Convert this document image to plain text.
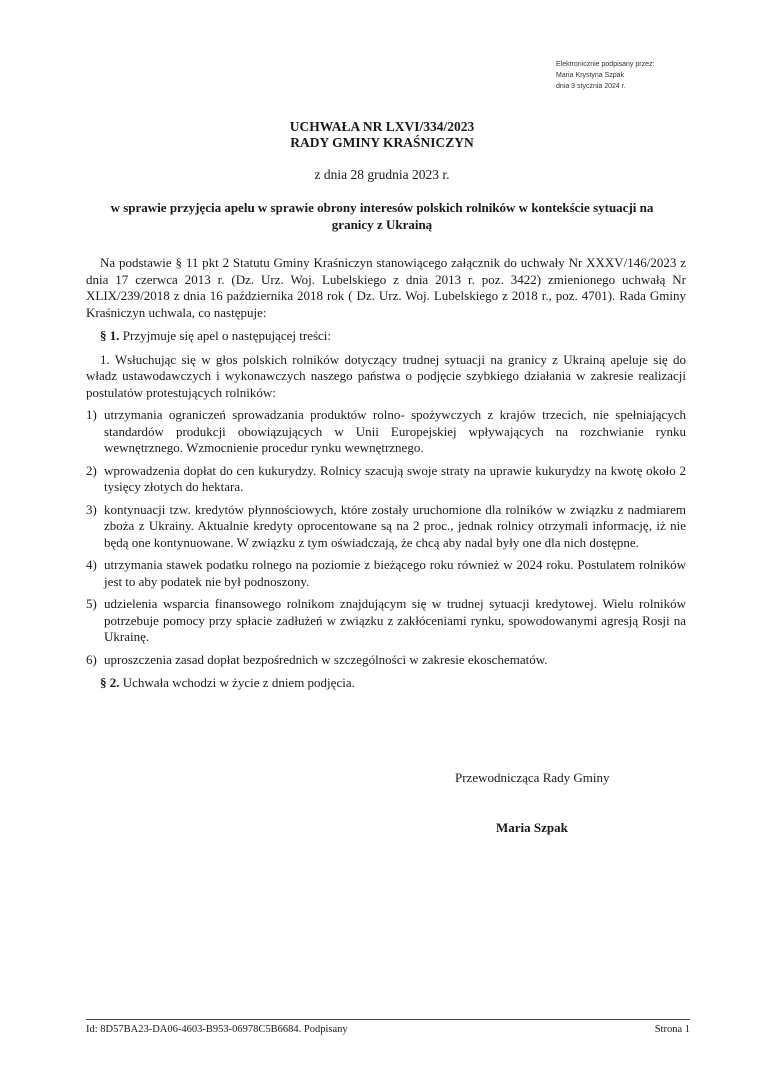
Elektronicznie podpisany przez:
Maria Krystyna Szpak
dnia 3 stycznia 2024 r.
UCHWAŁA NR LXVI/334/2023
RADY GMINY KRAŚNICZYN
z dnia 28 grudnia 2023 r.
w sprawie przyjęcia apelu w sprawie obrony interesów polskich rolników w kontekście sytuacji na granicy z Ukrainą

Na podstawie § 11 pkt 2 Statutu Gminy Kraśniczyn stanowiącego załącznik do uchwały Nr XXXV/146/2023 z dnia 17 czerwca 2013 r. (Dz. Urz. Woj. Lubelskiego z dnia 2013 r. poz. 3422) zmienionego uchwałą Nr XLIX/239/2018 z dnia 16 października 2018 rok ( Dz. Urz. Woj. Lubelskiego z 2018 r., poz. 4701). Rada Gminy Kraśniczyn uchwala, co następuje:

§ 1. Przyjmuje się apel o następującej treści:

1. Wsłuchując się w głos polskich rolników dotyczący trudnej sytuacji na granicy z Ukrainą apeluje się do władz ustawodawczych i wykonawczych naszego państwa o podjęcie szybkiego działania w zakresie realizacji postulatów protestujących rolników:

1) utrzymania ograniczeń sprowadzania produktów rolno- spożywczych z krajów trzecich, nie spełniających standardów produkcji obowiązujących w Unii Europejskiej wpływających na rozchwianie rynku wewnętrznego. Wzmocnienie procedur rynku wewnętrznego.
2) wprowadzenia dopłat do cen kukurydzy. Rolnicy szacują swoje straty na uprawie kukurydzy na kwotę około 2 tysięcy złotych do hektara.
3) kontynuacji tzw. kredytów płynnościowych, które zostały uruchomione dla rolników w związku z nadmiarem zboża z Ukrainy. Aktualnie kredyty oprocentowane są na 2 proc., jednak rolnicy otrzymali informację, iż nie będą one kontynuowane. W związku z tym oświadczają, że chcą aby nadal były one dla nich dostępne.
4) utrzymania stawek podatku rolnego na poziomie z bieżącego roku również w 2024 roku. Postulatem rolników jest to aby podatek nie był podnoszony.
5) udzielenia wsparcia finansowego rolnikom znajdującym się w trudnej sytuacji kredytowej. Wielu rolników potrzebuje pomocy przy spłacie zadłużeń w związku z zakłóceniami rynku, spowodowanymi agresją Rosji na Ukrainę.
6) uproszczenia zasad dopłat bezpośrednich w szczególności w zakresie ekoschematów.

§ 2. Uchwała wchodzi w życie z dniem podjęcia.

Przewodnicząca Rady Gminy
Maria Szpak
Id: 8D57BA23-DA06-4603-B953-06978C5B6684. Podpisany	Strona 1
